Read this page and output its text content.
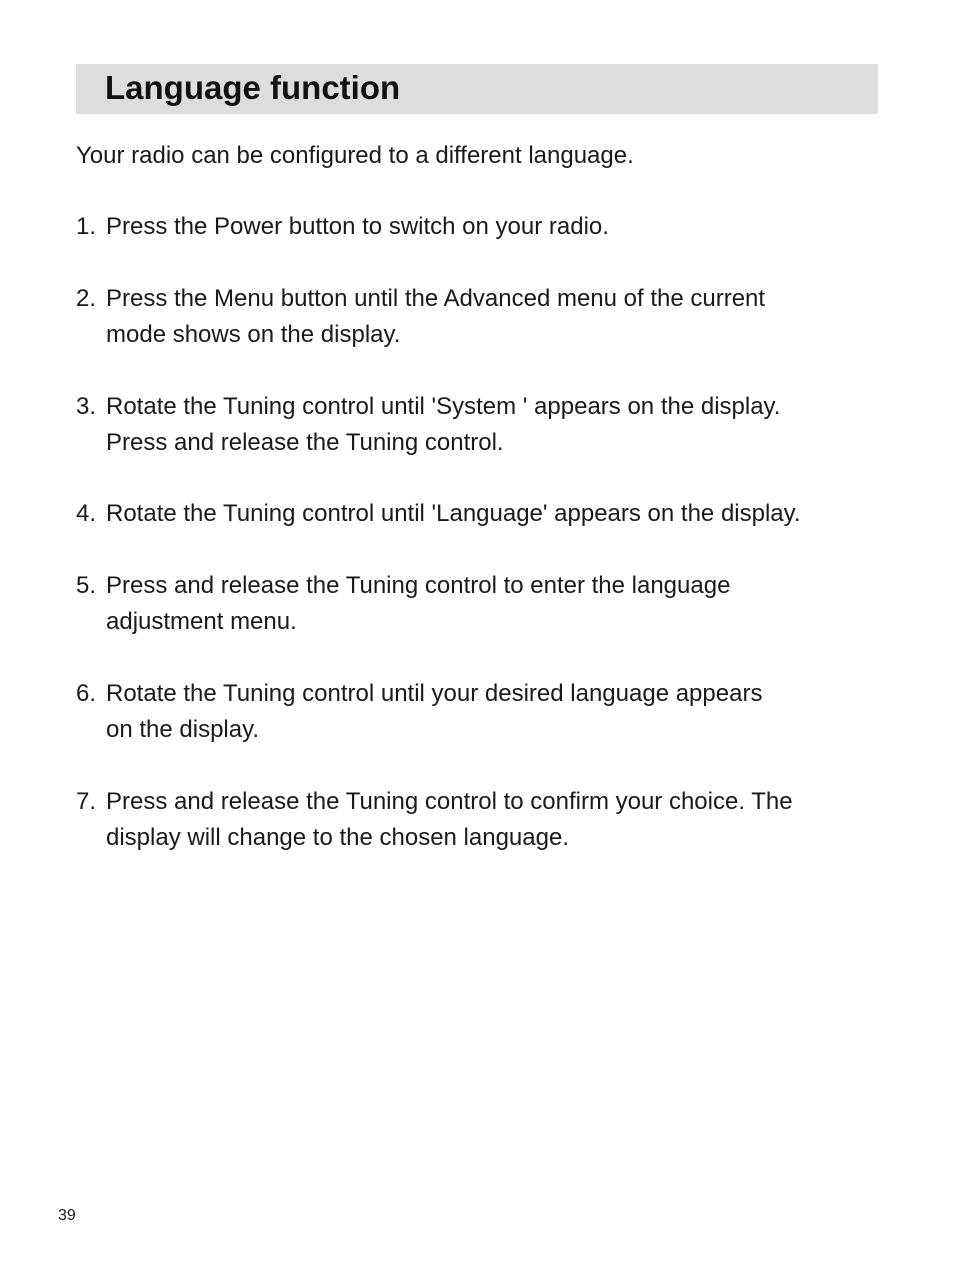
Language function

Your radio can be configured to a different language.

1. Press the Power button to switch on your radio.
2. Press the Menu button until the Advanced menu of the current
mode shows on the display.
3. Rotate the Tuning control until 'System ' appears on the display.
Press and release the Tuning control.
4. Rotate the Tuning control until 'Language' appears on the display.
5. Press and release the Tuning control to enter the language
adjustment menu.
6. Rotate the Tuning control until your desired language appears
on the display.
7. Press and release the Tuning control to confirm your choice. The
display will change to the chosen language.
39
